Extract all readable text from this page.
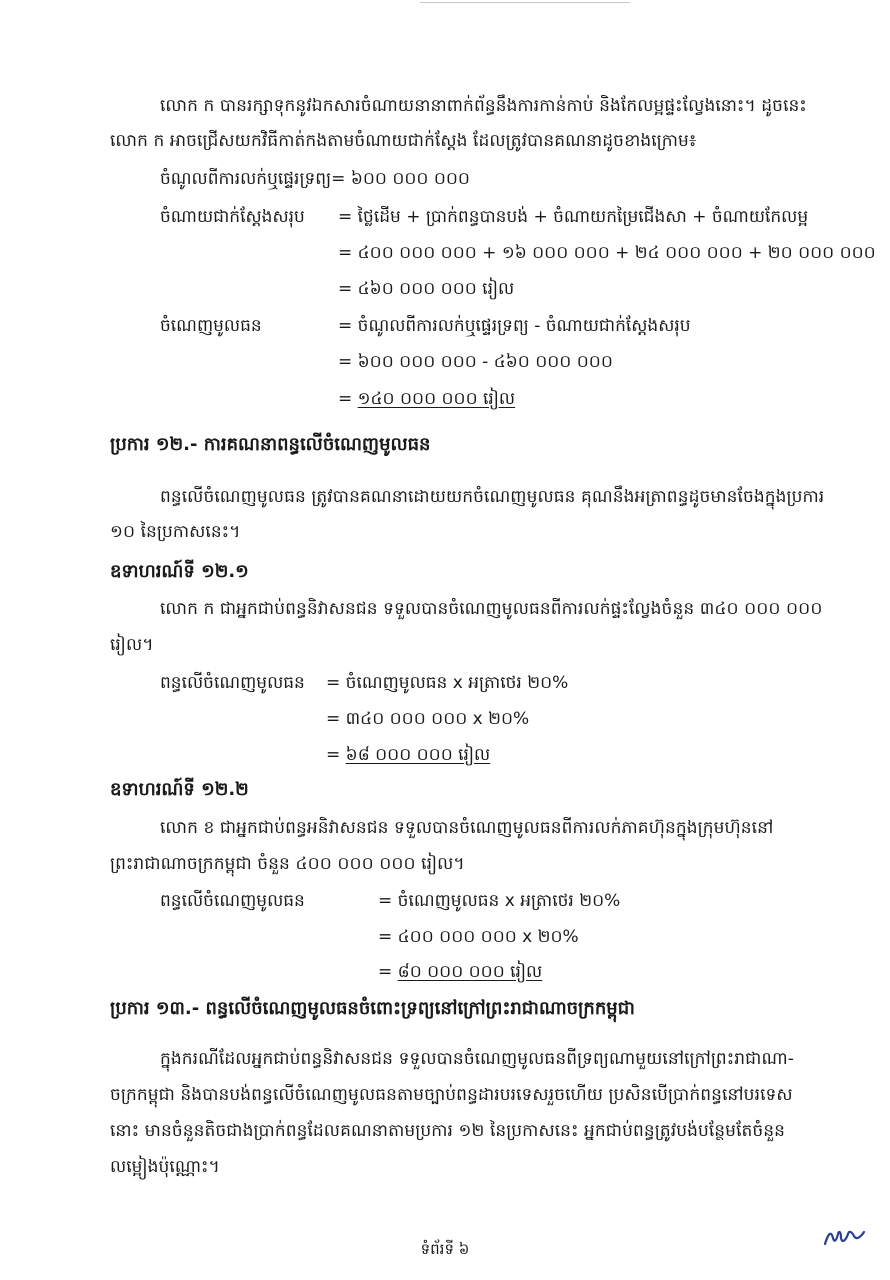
លោក ក បានរក្សាទុកនូវឯកសារចំណាយនានាពាក់ព័ន្ធនឹងការកាន់កាប់ និងកែលម្អផ្ទះល្វែងនោះ។ ដូចនេះ
លោក ក អាចជ្រើសយកវិធីកាត់កងតាមចំណាយជាក់ស្តែង ដែលត្រូវបានគណនាដូចខាងក្រោម៖
ចំណូលពីការលក់ឬផ្ទេរទ្រព្យ= ៦០០ ០០០ ០០០
ចំណាយជាក់ស្តែងសរុប = ថ្លៃដើម + ប្រាក់ពន្ធបានបង់ + ចំណាយកម្រៃជើងសា + ចំណាយកែលម្អ
= ៤០០ ០០០ ០០០ + ១៦ ០០០ ០០០ + ២៤ ០០០ ០០០ + ២០ ០០០ ០០០
= ៤៦០ ០០០ ០០០ រៀល
ចំណេញមូលធន	= ចំណូលពីការលក់ឬផ្ទេរទ្រព្យ - ចំណាយជាក់ស្តែងសរុប
= ៦០០ ០០០ ០០០ - ៤៦០ ០០០ ០០០
= ១៤០ ០០០ ០០០ រៀល
ប្រការ ១២.- ការគណនាពន្ធលើចំណេញមូលធន
ពន្ធលើចំណេញមូលធន ត្រូវបានគណនាដោយយកចំណេញមូលធន គុណនឹងអត្រាពន្ធដូចមានចែងក្នុងប្រការ
១០ នៃប្រកាសនេះ។
ឧទាហរណ៍ទី ១២.១
លោក ក ជាអ្នកជាប់ពន្ធនិវាសនជន ទទួលបានចំណេញមូលធនពីការលក់ផ្ទះល្វែងចំនួន ៣៤០ ០០០ ០០០
រៀល។
ពន្ធលើចំណេញមូលធន = ចំណេញមូលធន x អត្រាថេរ ២០%
= ៣៤០ ០០០ ០០០ x ២០%
= ៦៨ ០០០ ០០០ រៀល
ឧទាហរណ៍ទី ១២.២
លោក ខ ជាអ្នកជាប់ពន្ធអនិវាសនជន ទទួលបានចំណេញមូលធនពីការលក់ភាគហ៊ុនក្នុងក្រុមហ៊ុននៅ
ព្រះរាជាណាចក្រកម្ពុជា ចំនួន ៤០០ ០០០ ០០០ រៀល។
ពន្ធលើចំណេញមូលធន	= ចំណេញមូលធន x អត្រាថេរ ២០%
= ៤០០ ០០០ ០០០ x ២០%
= ៨០ ០០០ ០០០ រៀល
ប្រការ ១៣.- ពន្ធលើចំណេញមូលធនចំពោះទ្រព្យនៅក្រៅព្រះរាជាណាចក្រកម្ពុជា
ក្នុងករណីដែលអ្នកជាប់ពន្ធនិវាសនជន ទទួលបានចំណេញមូលធនពីទ្រព្យណាមួយនៅក្រៅព្រះរាជាណា-
ចក្រកម្ពុជា និងបានបង់ពន្ធលើចំណេញមូលធនតាមច្បាប់ពន្ធដារបរទេសរួចហើយ ប្រសិនបើប្រាក់ពន្ធនៅបរទេស
នោះ មានចំនួនតិចជាងប្រាក់ពន្ធដែលគណនាតាមប្រការ ១២ នៃប្រកាសនេះ អ្នកជាប់ពន្ធត្រូវបង់បន្ថែមតែចំនួន
លម្អៀងប៉ុណ្ណោះ។
ទំព័រទី ៦
